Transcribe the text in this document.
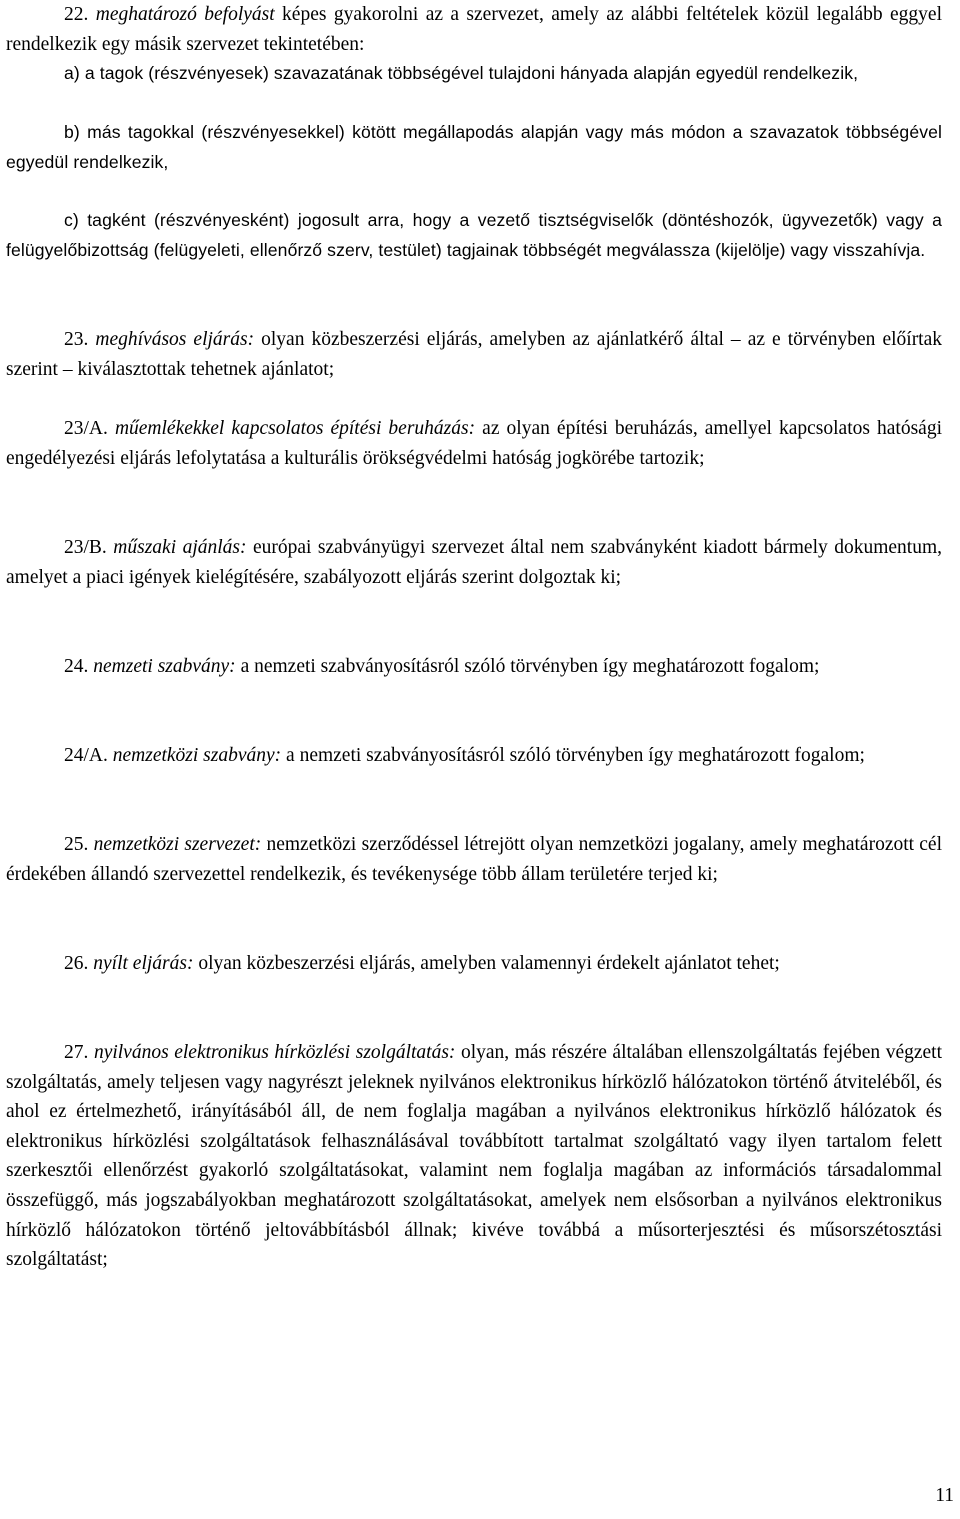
22. meghatározó befolyást képes gyakorolni az a szervezet, amely az alábbi feltételek közül legalább eggyel rendelkezik egy másik szervezet tekintetében:

a) a tagok (részvényesek) szavazatának többségével tulajdoni hányada alapján egyedül rendelkezik,

b) más tagokkal (részvényesekkel) kötött megállapodás alapján vagy más módon a szavazatok többségével egyedül rendelkezik,

c) tagként (részvényesként) jogosult arra, hogy a vezető tisztségviselők (döntéshozók, ügyvezetők) vagy a felügyelőbizottság (felügyeleti, ellenőrző szerv, testület) tagjainak többségét megválassza (kijelölje) vagy visszahívja.

23. meghívásos eljárás: olyan közbeszerzési eljárás, amelyben az ajánlatkérő által – az e törvényben előírtak szerint – kiválasztottak tehetnek ajánlatot;

23/A. műemlékekkel kapcsolatos építési beruházás: az olyan építési beruházás, amellyel kapcsolatos hatósági engedélyezési eljárás lefolytatása a kulturális örökségvédelmi hatóság jogkörébe tartozik;

23/B. műszaki ajánlás: európai szabványügyi szervezet által nem szabványként kiadott bármely dokumentum, amelyet a piaci igények kielégítésére, szabályozott eljárás szerint dolgoztak ki;

24. nemzeti szabvány: a nemzeti szabványosításról szóló törvényben így meghatározott fogalom;

24/A. nemzetközi szabvány: a nemzeti szabványosításról szóló törvényben így meghatározott fogalom;

25. nemzetközi szervezet: nemzetközi szerződéssel létrejött olyan nemzetközi jogalany, amely meghatározott cél érdekében állandó szervezettel rendelkezik, és tevékenysége több állam területére terjed ki;

26. nyílt eljárás: olyan közbeszerzési eljárás, amelyben valamennyi érdekelt ajánlatot tehet;

27. nyilvános elektronikus hírközlési szolgáltatás: olyan, más részére általában ellenszolgáltatás fejében végzett szolgáltatás, amely teljesen vagy nagyrészt jeleknek nyilvános elektronikus hírközlő hálózatokon történő átviteléből, és ahol ez értelmezhető, irányításából áll, de nem foglalja magában a nyilvános elektronikus hírközlő hálózatok és elektronikus hírközlési szolgáltatások felhasználásával továbbított tartalmat szolgáltató vagy ilyen tartalom felett szerkesztői ellenőrzést gyakorló szolgáltatásokat, valamint nem foglalja magában az információs társadalommal összefüggő, más jogszabályokban meghatározott szolgáltatásokat, amelyek nem elsősorban a nyilvános elektronikus hírközlő hálózatokon történő jeltovábbításból állnak; kivéve továbbá a műsorterjesztési és műsorszétosztási szolgáltatást;

11
